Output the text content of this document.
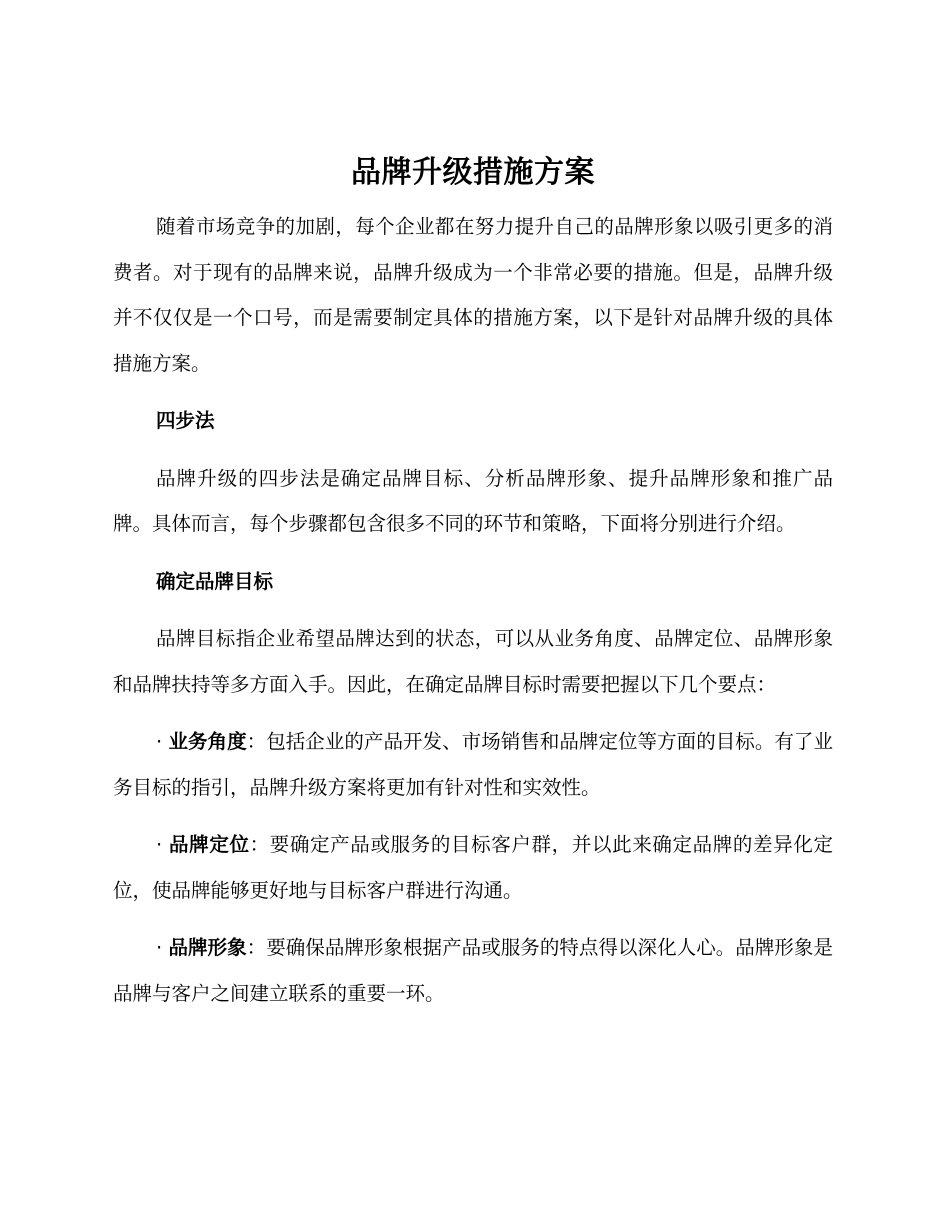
品牌升级措施方案

随着市场竞争的加剧，每个企业都在努力提升自己的品牌形象以吸引更多的消费者。对于现有的品牌来说，品牌升级成为一个非常必要的措施。但是，品牌升级并不仅仅是一个口号，而是需要制定具体的措施方案，以下是针对品牌升级的具体措施方案。

四步法

品牌升级的四步法是确定品牌目标、分析品牌形象、提升品牌形象和推广品牌。具体而言，每个步骤都包含很多不同的环节和策略，下面将分别进行介绍。

确定品牌目标

品牌目标指企业希望品牌达到的状态，可以从业务角度、品牌定位、品牌形象和品牌扶持等多方面入手。因此，在确定品牌目标时需要把握以下几个要点：

· 业务角度：包括企业的产品开发、市场销售和品牌定位等方面的目标。有了业务目标的指引，品牌升级方案将更加有针对性和实效性。

· 品牌定位：要确定产品或服务的目标客户群，并以此来确定品牌的差异化定位，使品牌能够更好地与目标客户群进行沟通。

· 品牌形象：要确保品牌形象根据产品或服务的特点得以深化人心。品牌形象是品牌与客户之间建立联系的重要一环。
